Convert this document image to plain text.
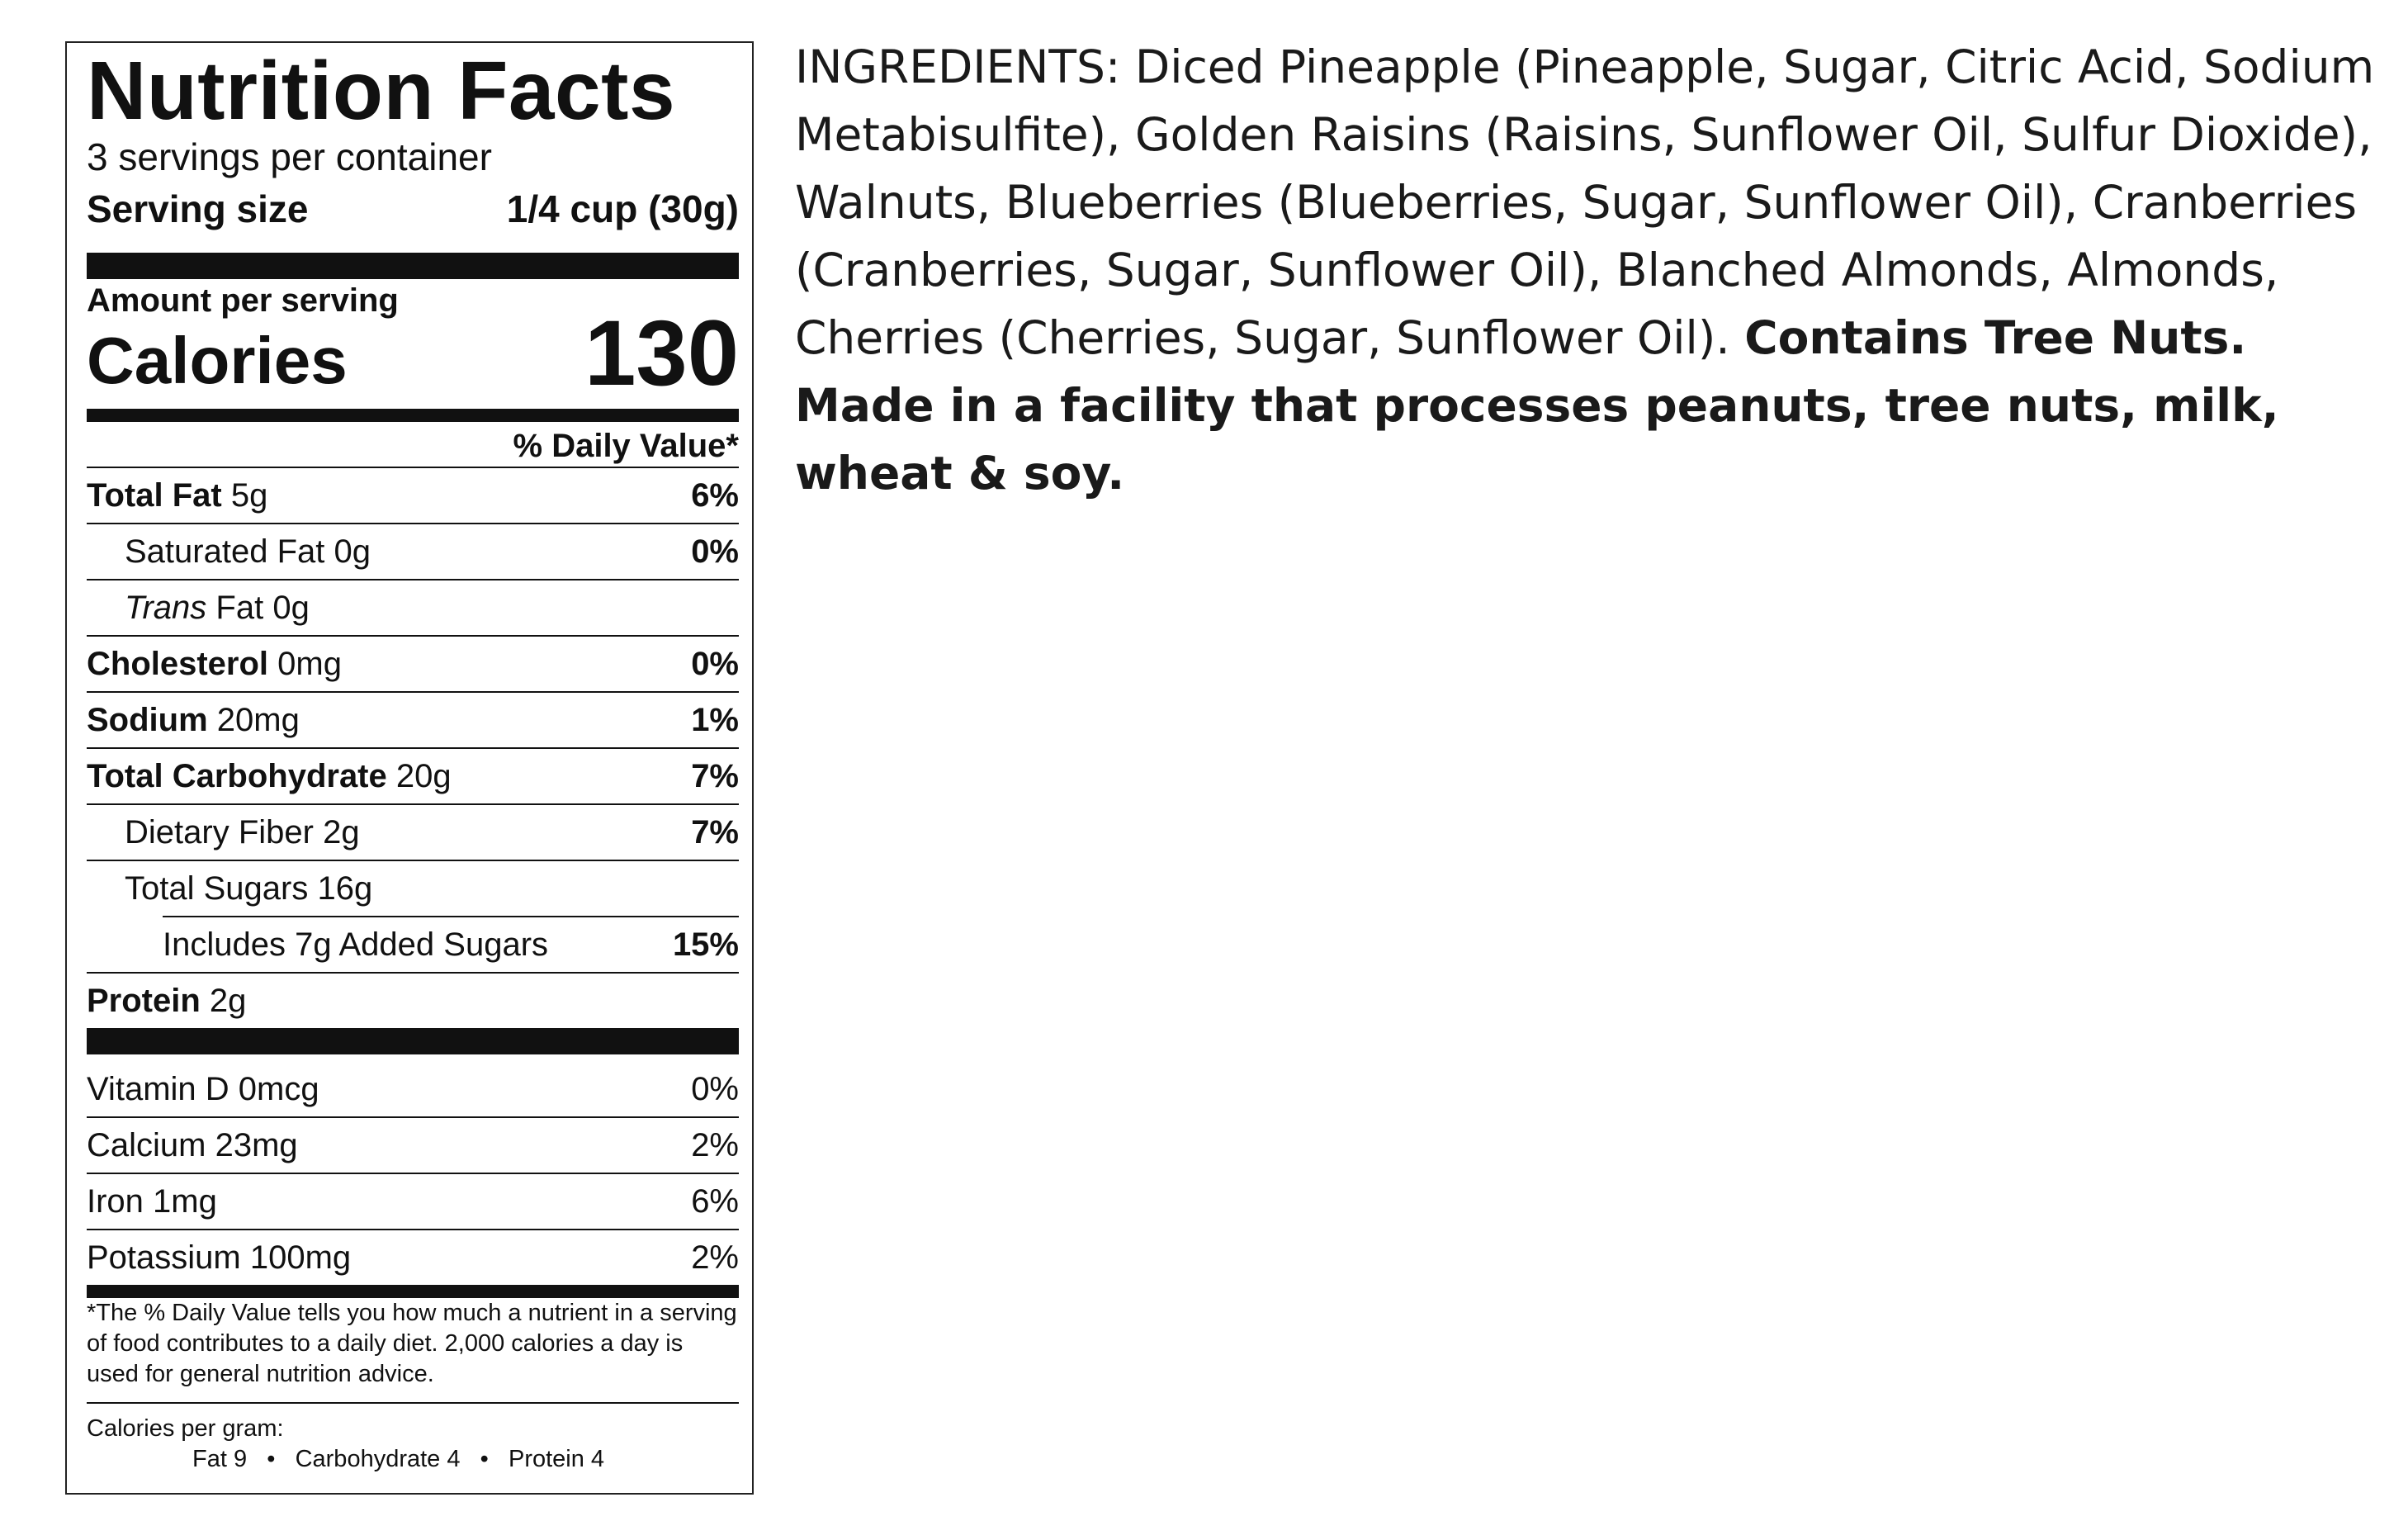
Nutrition Facts
3 servings per container
Serving size	1/4 cup (30g)
Amount per serving
Calories	130
% Daily Value*
Total Fat 5g	6%
Saturated Fat 0g	0%
Trans Fat 0g
Cholesterol 0mg	0%
Sodium 20mg	1%
Total Carbohydrate 20g	7%
Dietary Fiber 2g	7%
Total Sugars 16g
Includes 7g Added Sugars	15%
Protein 2g
Vitamin D 0mcg	0%
Calcium 23mg	2%
Iron 1mg	6%
Potassium 100mg	2%
*The % Daily Value tells you how much a nutrient in a serving of food contributes to a daily diet. 2,000 calories a day is used for general nutrition advice.
Calories per gram:
Fat 9   •   Carbohydrate 4   •   Protein 4
INGREDIENTS: Diced Pineapple (Pineapple, Sugar, Citric Acid, Sodium Metabisulfite), Golden Raisins (Raisins, Sunflower Oil, Sulfur Dioxide), Walnuts, Blueberries (Blueberries, Sugar, Sunflower Oil), Cranberries (Cranberries, Sugar, Sunflower Oil), Blanched Almonds, Almonds, Cherries (Cherries, Sugar, Sunflower Oil). Contains Tree Nuts.
Made in a facility that processes peanuts, tree nuts, milk, wheat & soy.
